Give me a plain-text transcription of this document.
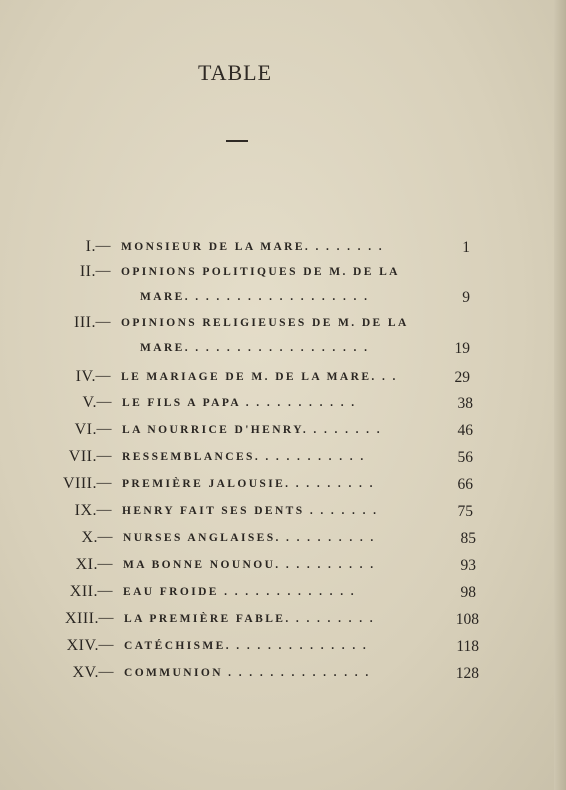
TABLE
I. — MONSIEUR DE LA MARE. . . . . . . .	1
II. — OPINIONS POLITIQUES DE M. DE LA
MARE. . . . . . . . . . . . . . . . . .	9
III. — OPINIONS RELIGIEUSES DE M. DE LA
MARE. . . . . . . . . . . . . . . . . .	19
IV. — LE MARIAGE DE M. DE LA MARE. . .	29
V. — LE FILS A PAPA . . . . . . . . . . .	38
VI. — LA NOURRICE D'HENRY. . . . . . . .	46
VII. — RESSEMBLANCES. . . . . . . . . . .	56
VIII. — PREMIÈRE JALOUSIE. . . . . . . . .	66
IX. — HENRY FAIT SES DENTS . . . . . . .	75
X. — NURSES ANGLAISES. . . . . . . . . .	85
XI. — MA BONNE NOUNOU. . . . . . . . . .	93
XII. — EAU FROIDE . . . . . . . . . . . . .	98
XIII. — LA PREMIÈRE FABLE. . . . . . . . .	108
XIV. — CATÉCHISME. . . . . . . . . . . . . .	118
XV. — COMMUNION . . . . . . . . . . . . . .	128
